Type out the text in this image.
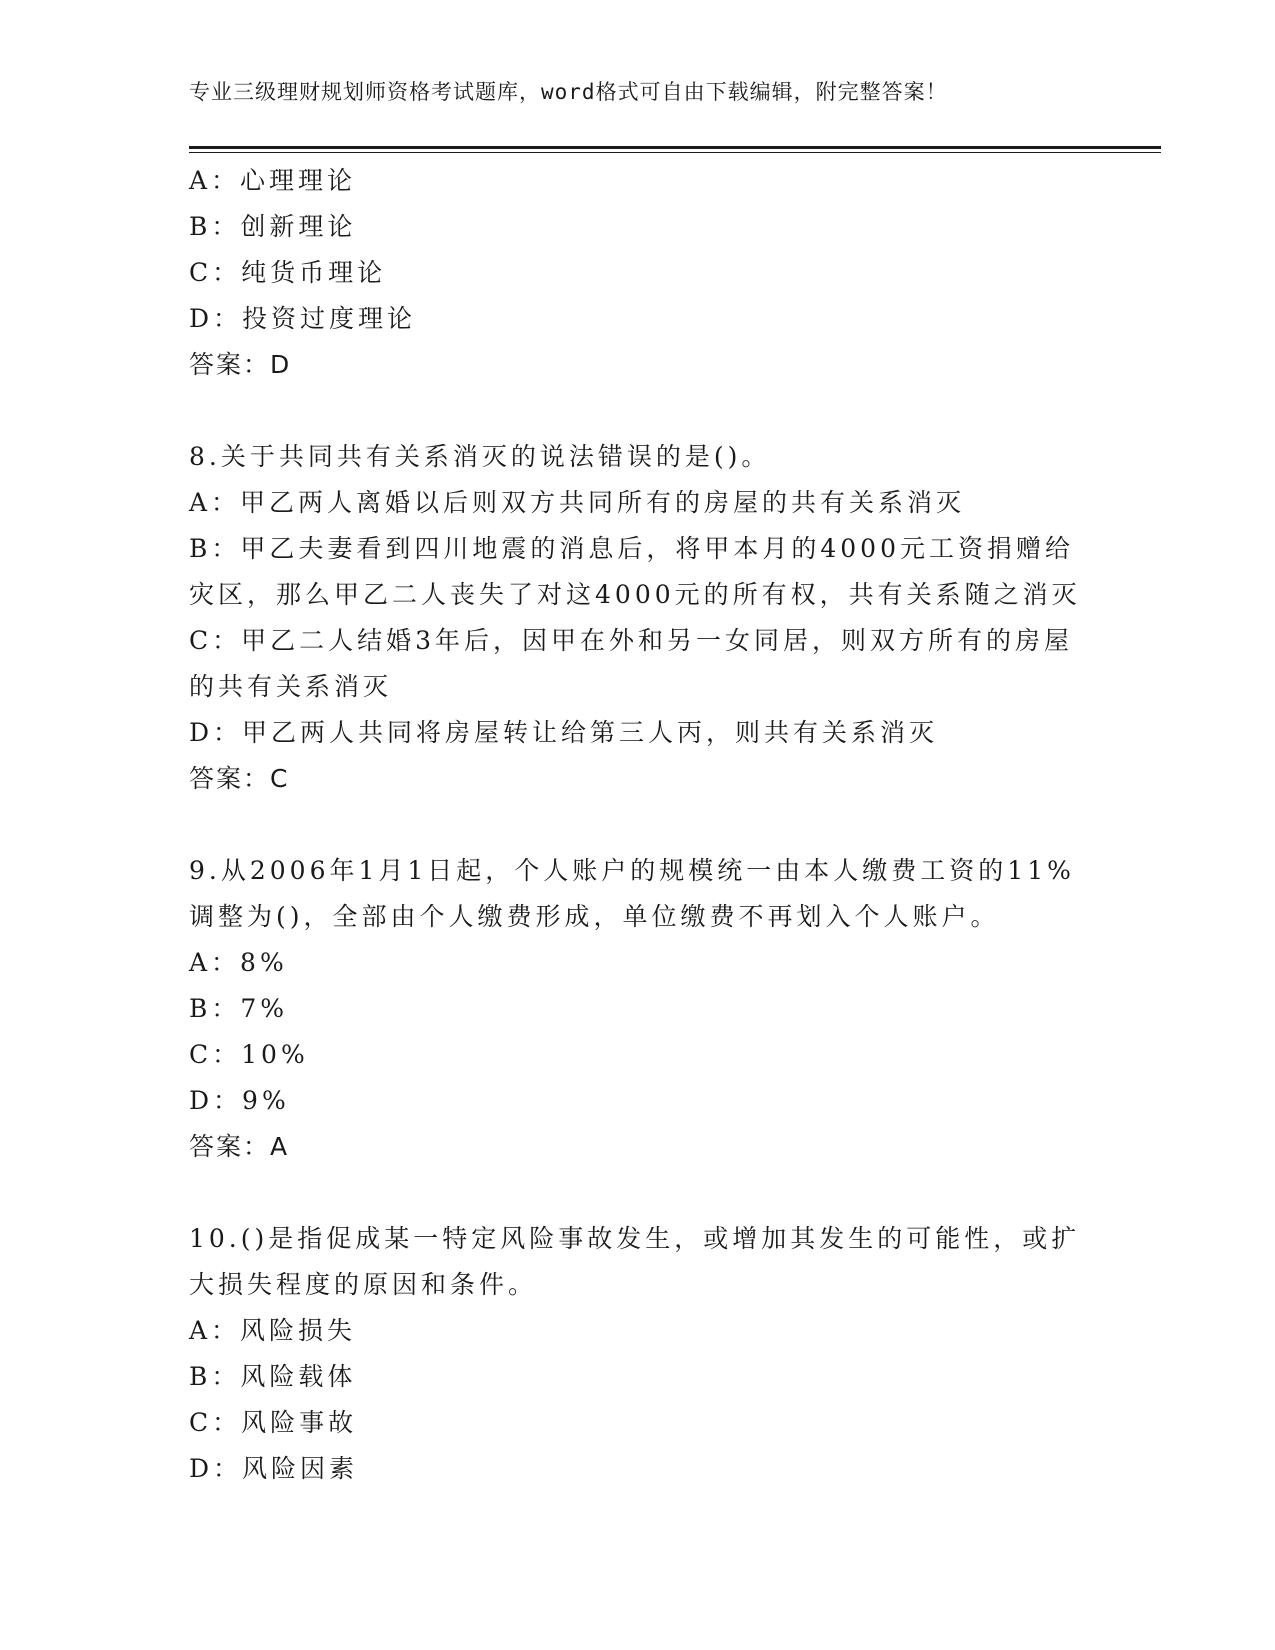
专业三级理财规划师资格考试题库，word格式可自由下载编辑，附完整答案！
A：心理理论
B：创新理论
C：纯货币理论
D：投资过度理论
答案：D
8.关于共同共有关系消灭的说法错误的是()。
A：甲乙两人离婚以后则双方共同所有的房屋的共有关系消灭
B：甲乙夫妻看到四川地震的消息后，将甲本月的4000元工资捐赠给
灾区，那么甲乙二人丧失了对这4000元的所有权，共有关系随之消灭
C：甲乙二人结婚3年后，因甲在外和另一女同居，则双方所有的房屋
的共有关系消灭
D：甲乙两人共同将房屋转让给第三人丙，则共有关系消灭
答案：C
9.从2006年1月1日起，个人账户的规模统一由本人缴费工资的11%
调整为()，全部由个人缴费形成，单位缴费不再划入个人账户。
A：8%
B：7%
C：10%
D：9%
答案：A
10.()是指促成某一特定风险事故发生，或增加其发生的可能性，或扩
大损失程度的原因和条件。
A：风险损失
B：风险载体
C：风险事故
D：风险因素
